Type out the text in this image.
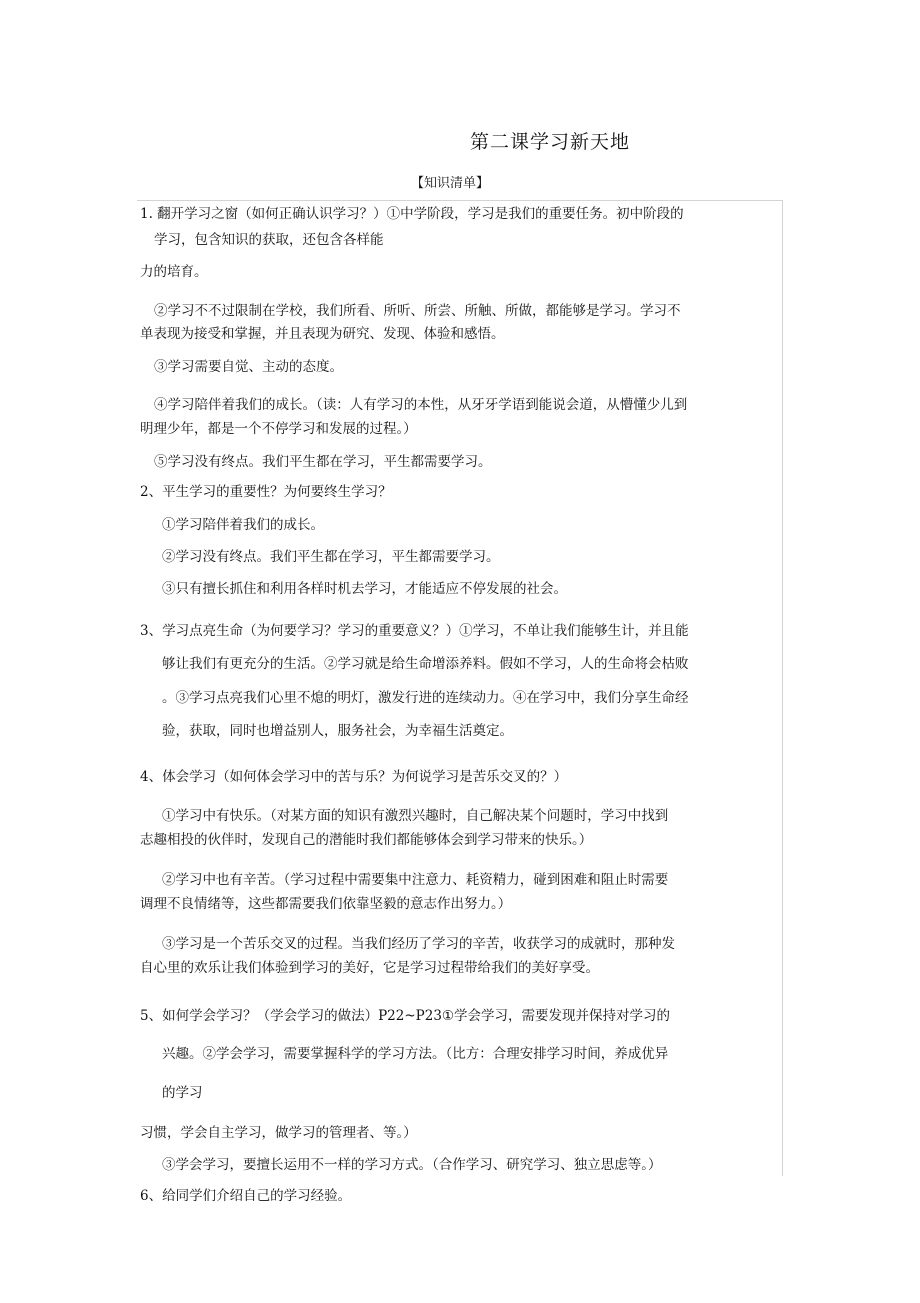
第二课学习新天地
【知识清单】
1. 翻开学习之窗（如何正确认识学习？）①中学阶段，学习是我们的重要任务。初中阶段的
学习，包含知识的获取，还包含各样能
力的培育。
②学习不不过限制在学校，我们所看、所听、所尝、所触、所做，都能够是学习。学习不
单表现为接受和掌握，并且表现为研究、发现、体验和感悟。
③学习需要自觉、主动的态度。
④学习陪伴着我们的成长。（读：人有学习的本性，从牙牙学语到能说会道，从懵懂少儿到
明理少年，都是一个不停学习和发展的过程。）
⑤学习没有终点。我们平生都在学习，平生都需要学习。
2、平生学习的重要性？为何要终生学习？
①学习陪伴着我们的成长。
②学习没有终点。我们平生都在学习，平生都需要学习。
③只有擅长抓住和利用各样时机去学习，才能适应不停发展的社会。
3、学习点亮生命（为何要学习？学习的重要意义？）①学习，不单让我们能够生计，并且能
够让我们有更充分的生活。②学习就是给生命增添养料。假如不学习，人的生命将会枯败
。③学习点亮我们心里不熄的明灯，激发行进的连续动力。④在学习中，我们分享生命经
验，获取，同时也增益别人，服务社会，为幸福生活奠定。
4、体会学习（如何体会学习中的苦与乐？为何说学习是苦乐交叉的？）
①学习中有快乐。（对某方面的知识有激烈兴趣时，自己解决某个问题时，学习中找到
志趣相投的伙伴时，发现自己的潜能时我们都能够体会到学习带来的快乐。）
②学习中也有辛苦。（学习过程中需要集中注意力、耗资精力，碰到困难和阻止时需要
调理不良情绪等，这些都需要我们依靠坚毅的意志作出努力。）
③学习是一个苦乐交叉的过程。当我们经历了学习的辛苦，收获学习的成就时，那种发
自心里的欢乐让我们体验到学习的美好，它是学习过程带给我们的美好享受。
5、如何学会学习？（学会学习的做法）P22~P23①学会学习，需要发现并保持对学习的
兴趣。②学会学习，需要掌握科学的学习方法。（比方：合理安排学习时间，养成优异
的学习
习惯，学会自主学习，做学习的管理者、等。）
③学会学习，要擅长运用不一样的学习方式。（合作学习、研究学习、独立思虑等。）
6、给同学们介绍自己的学习经验。
